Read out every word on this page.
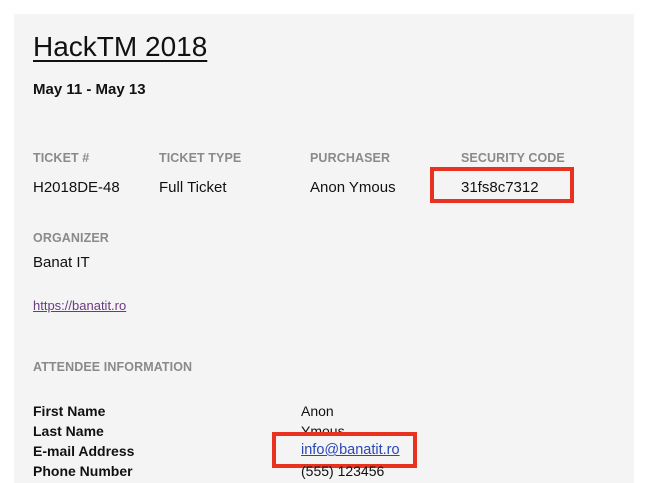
HackTM 2018
May 11 - May 13
TICKET #	TICKET TYPE	PURCHASER	SECURITY CODE
H2018DE-48	Full Ticket	Anon Ymous	31fs8c7312
ORGANIZER
Banat IT
https://banatit.ro
ATTENDEE INFORMATION
First Name	Anon
Last Name	Ymous
E-mail Address	info@banatit.ro
Phone Number	(555) 123456
